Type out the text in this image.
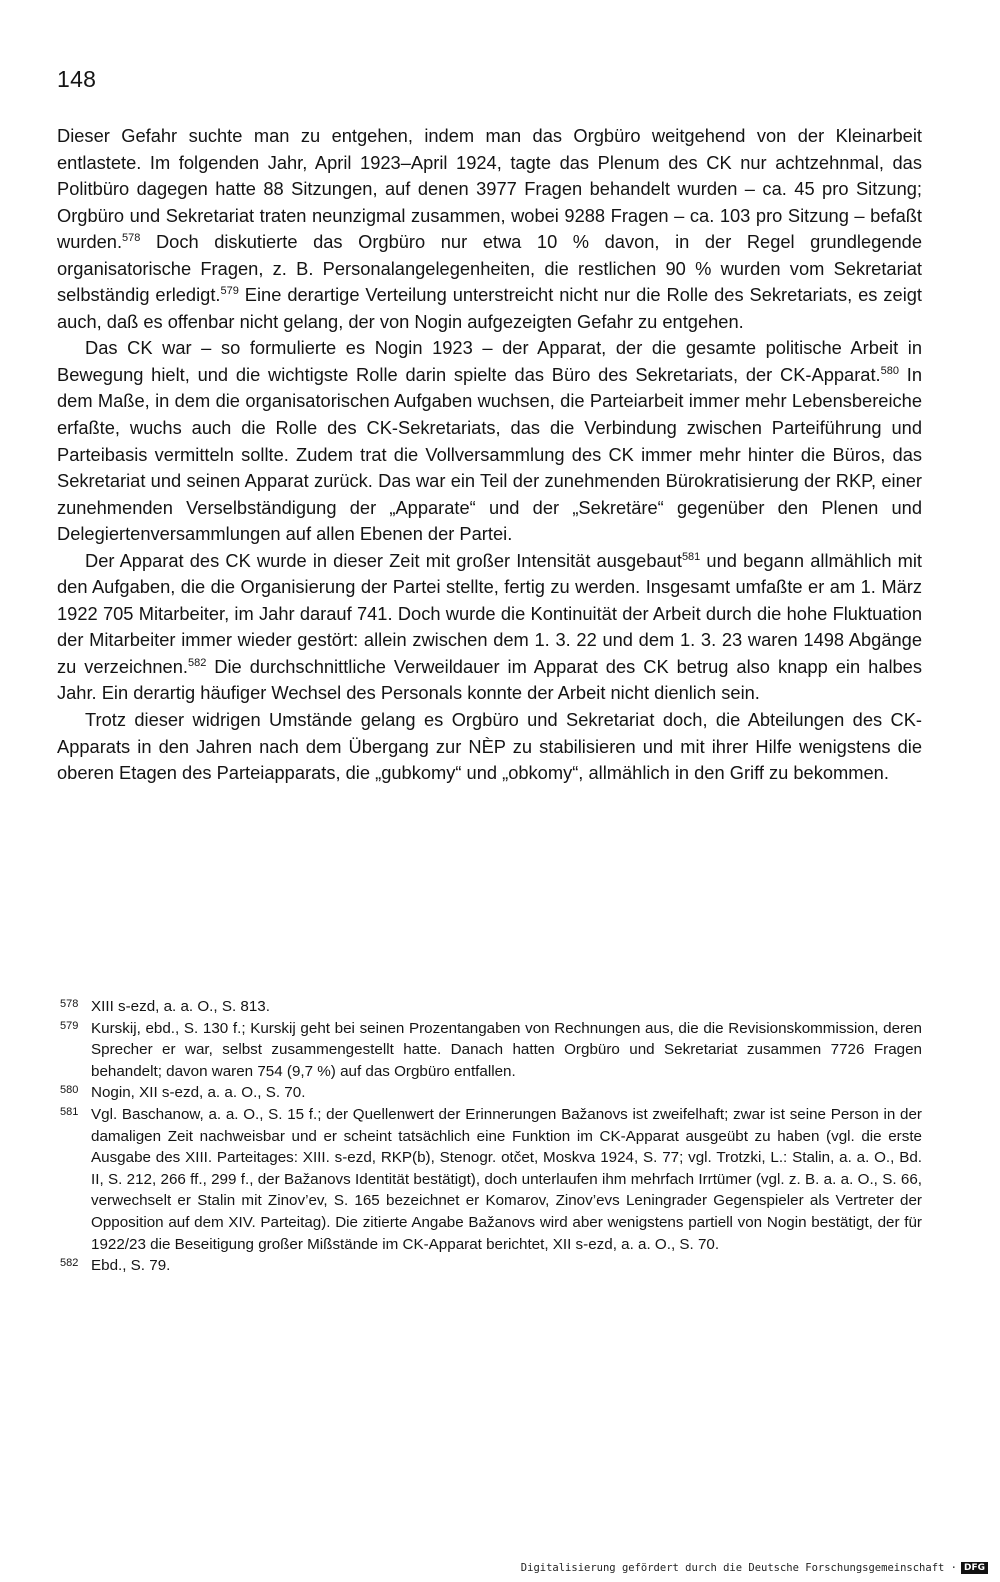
148

Dieser Gefahr suchte man zu entgehen, indem man das Orgbüro weitgehend von der Kleinarbeit entlastete. Im folgenden Jahr, April 1923–April 1924, tagte das Plenum des CK nur achtzehnmal, das Politbüro dagegen hatte 88 Sitzungen, auf denen 3977 Fragen behandelt wurden – ca. 45 pro Sitzung; Orgbüro und Sekretariat traten neunzigmal zusammen, wobei 9288 Fragen – ca. 103 pro Sitzung – befaßt wurden.$^{578}$ Doch diskutierte das Orgbüro nur etwa 10 % davon, in der Regel grundlegende organisatorische Fragen, z. B. Personalangelegenheiten, die restlichen 90 % wurden vom Sekretariat selbständig erledigt.$^{579}$ Eine derartige Verteilung unterstreicht nicht nur die Rolle des Sekretariats, es zeigt auch, daß es offenbar nicht gelang, der von Nogin aufgezeigten Gefahr zu entgehen.

Das CK war – so formulierte es Nogin 1923 – der Apparat, der die gesamte politische Arbeit in Bewegung hielt, und die wichtigste Rolle darin spielte das Büro des Sekretariats, der CK-Apparat.$^{580}$ In dem Maße, in dem die organisatorischen Aufgaben wuchsen, die Parteiarbeit immer mehr Lebensbereiche erfaßte, wuchs auch die Rolle des CK-Sekretariats, das die Verbindung zwischen Parteiführung und Parteibasis vermitteln sollte. Zudem trat die Vollversammlung des CK immer mehr hinter die Büros, das Sekretariat und seinen Apparat zurück. Das war ein Teil der zunehmenden Bürokratisierung der RKP, einer zunehmenden Verselbständigung der „Apparate“ und der „Sekretäre“ gegenüber den Plenen und Delegiertenversammlungen auf allen Ebenen der Partei.

Der Apparat des CK wurde in dieser Zeit mit großer Intensität ausgebaut$^{581}$ und begann allmählich mit den Aufgaben, die die Organisierung der Partei stellte, fertig zu werden. Insgesamt umfaßte er am 1. März 1922 705 Mitarbeiter, im Jahr darauf 741. Doch wurde die Kontinuität der Arbeit durch die hohe Fluktuation der Mitarbeiter immer wieder gestört: allein zwischen dem 1. 3. 22 und dem 1. 3. 23 waren 1498 Abgänge zu verzeichnen.$^{582}$ Die durchschnittliche Verweildauer im Apparat des CK betrug also knapp ein halbes Jahr. Ein derartig häufiger Wechsel des Personals konnte der Arbeit nicht dienlich sein.

Trotz dieser widrigen Umstände gelang es Orgbüro und Sekretariat doch, die Abteilungen des CK-Apparats in den Jahren nach dem Übergang zur NÈP zu stabilisieren und mit ihrer Hilfe wenigstens die oberen Etagen des Parteiapparats, die „gubkomy“ und „obkomy“, allmählich in den Griff zu bekommen.

578 XIII s-ezd, a. a. O., S. 813.
579 Kurskij, ebd., S. 130 f.; Kurskij geht bei seinen Prozentangaben von Rechnungen aus, die die Revisionskommission, deren Sprecher er war, selbst zusammengestellt hatte. Danach hatten Orgbüro und Sekretariat zusammen 7726 Fragen behandelt; davon waren 754 (9,7 %) auf das Orgbüro entfallen.
580 Nogin, XII s-ezd, a. a. O., S. 70.
581 Vgl. Baschanow, a. a. O., S. 15 f.; der Quellenwert der Erinnerungen Bažanovs ist zweifelhaft; zwar ist seine Person in der damaligen Zeit nachweisbar und er scheint tatsächlich eine Funktion im CK-Apparat ausgeübt zu haben (vgl. die erste Ausgabe des XIII. Parteitages: XIII. s-ezd, RKP(b), Stenogr. otčet, Moskva 1924, S. 77; vgl. Trotzki, L.: Stalin, a. a. O., Bd. II, S. 212, 266 ff., 299 f., der Bažanovs Identität bestätigt), doch unterlaufen ihm mehrfach Irrtümer (vgl. z. B. a. a. O., S. 66, verwechselt er Stalin mit Zinov’ev, S. 165 bezeichnet er Komarov, Zinov’evs Leningrader Gegenspieler als Vertreter der Opposition auf dem XIV. Parteitag). Die zitierte Angabe Bažanovs wird aber wenigstens partiell von Nogin bestätigt, der für 1922/23 die Beseitigung großer Mißstände im CK-Apparat berichtet, XII s-ezd, a. a. O., S. 70.
582 Ebd., S. 79.
Digitalisierung gefördert durch die Deutsche Forschungsgemeinschaft · DFG
